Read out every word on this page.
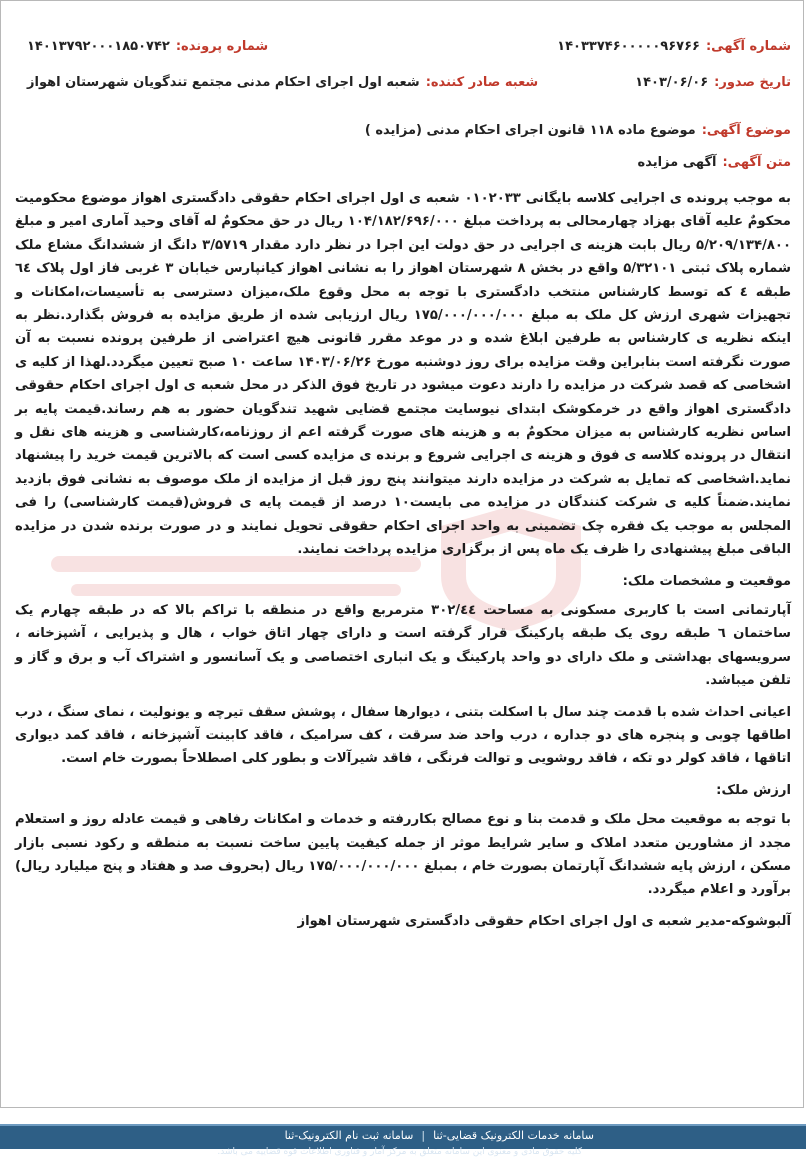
شماره آگهی:
۱۴۰۳۳۷۴۶۰۰۰۰۰۹۶۷۶۶
شماره پرونده:
۱۴۰۱۳۷۹۲۰۰۰۱۸۵۰۷۴۲
تاریخ صدور:
۱۴۰۳/۰۶/۰۶
شعبه صادر کننده:
شعبه اول اجرای احکام مدنی مجتمع تندگویان شهرستان اهواز
موضوع آگهی:
موضوع ماده ۱۱۸ قانون اجرای احکام مدنی (مزایده )
متن آگهی:
آگهی مزایده

به موجب پرونده ی اجرایی کلاسه بایگانی ۰۱۰۲۰۳۳ شعبه ی اول اجرای احکام حقوقی دادگستری اهواز موضوع محکومیت محکومٌ علیه آقای بهزاد چهارمحالی به پرداخت مبلغ ۱۰۴/۱۸۲/۶۹۶/۰۰۰ ریال در حق محکومٌ له آقای وحید آماری امیر و مبلغ ۵/۲۰۹/۱۳۴/۸۰۰ ریال بابت هزینه ی اجرایی در حق دولت این اجرا در نظر دارد مقدار ۳/۵۷۱۹ دانگ از ششدانگ مشاع ملک شماره پلاک ثبتی ۵/۳۲۱۰۱ واقع در بخش ۸ شهرستان اهواز را به نشانی اهواز کیانپارس خیابان ۳ غربی فاز اول پلاک ٦٤ طبقه ٤ که توسط کارشناس منتخب دادگستری با توجه به محل وقوع ملک،میزان دسترسی به تأسیسات،امکانات و تجهیزات شهری ارزش کل ملک به مبلغ ۱۷۵/۰۰۰/۰۰۰/۰۰۰ ریال ارزیابی شده از طریق مزایده به فروش بگذارد.نظر به اینکه نظریه ی کارشناس به طرفین ابلاغ شده و در موعد مقرر قانونی هیچ اعتراضی از طرفین پرونده نسبت به آن صورت نگرفته است بنابراین وقت مزایده برای روز دوشنبه مورخ ۱۴۰۳/۰۶/۲۶ ساعت ۱۰ صبح تعیین میگردد.لهذا از کلیه ی اشخاصی که قصد شرکت در مزایده را دارند دعوت میشود در تاریخ فوق الذکر در محل شعبه ی اول اجرای احکام حقوقی دادگستری اهواز واقع در خرمکوشک ابتدای نیوسایت مجتمع قضایی شهید تندگویان حضور به هم رساند.قیمت پایه بر اساس نظریه کارشناس به میزان محکومٌ به و هزینه های صورت گرفته اعم از روزنامه،کارشناسی و هزینه های نقل و انتقال در پرونده کلاسه ی فوق و هزینه ی اجرایی شروع و برنده ی مزایده کسی است که بالاترین قیمت خرید را پیشنهاد نماید.اشخاصی که تمایل به شرکت در مزایده دارند میتوانند پنج روز قبل از مزایده از ملک موصوف به نشانی فوق بازدید نمایند.ضمناً کلیه ی شرکت کنندگان در مزایده می بایست۱۰ درصد از قیمت پایه ی فروش(قیمت کارشناسی) را فی المجلس به موجب یک فقره چک تضمینی به واحد اجرای احکام حقوقی تحویل نمایند و در صورت برنده شدن در مزایده الباقی مبلغ پیشنهادی را ظرف یک ماه پس از برگزاری مزایده پرداخت نمایند.

موقعیت و مشخصات ملک:

آپارتمانی است با کاربری مسکونی به مساحت ۳۰۲/٤٤ مترمربع واقع در منطقه با تراکم بالا که در طبقه چهارم یک ساختمان ٦ طبقه روی یک طبقه پارکینگ قرار گرفته است و دارای چهار اتاق خواب ، هال و پذیرایی ، آشپزخانه ، سرویسهای بهداشتی و ملک دارای دو واحد پارکینگ و یک انباری اختصاصی و یک آسانسور و اشتراک آب و برق و گاز و تلفن میباشد.

اعیانی احداث شده با قدمت چند سال با اسکلت بتنی ، دیوارها سفال ، پوشش سقف تیرچه و یونولیت ، نمای سنگ ، درب اطاقها چوبی و پنجره های دو جداره ، درب واحد ضد سرقت ، کف سرامیک ، فاقد کابینت آشپزخانه ، فاقد کمد دیواری اتاقها ، فاقد کولر دو تکه ، فاقد روشویی و توالت فرنگی ، فاقد شیرآلات و بطور کلی اصطلاحاً بصورت خام است.

ارزش ملک:

با توجه به موقعیت محل ملک و قدمت بنا و نوع مصالح بکاررفته و خدمات و امکانات رفاهی و قیمت عادله روز و استعلام مجدد از مشاورین متعدد املاک و سایر شرایط موثر از جمله کیفیت پایین ساخت نسبت به منطقه و رکود نسبی بازار مسکن ، ارزش پایه ششدانگ آپارتمان بصورت خام ، بمبلغ ۱۷۵/۰۰۰/۰۰۰/۰۰۰ ریال (بحروف صد و هفتاد و پنج میلیارد ریال) برآورد و اعلام میگردد.

آلبوشوکه-مدیر شعبه ی اول اجرای احکام حقوقی دادگستری شهرستان اهواز

سامانه خدمات الکترونیک قضایی-ثنا
|
سامانه ثبت نام الکترونیک-ثنا
کلیه حقوق مادی و معنوی این سامانه متعلق به مرکز آمار و فناوری اطلاعات قوه قضاییه می باشد.
